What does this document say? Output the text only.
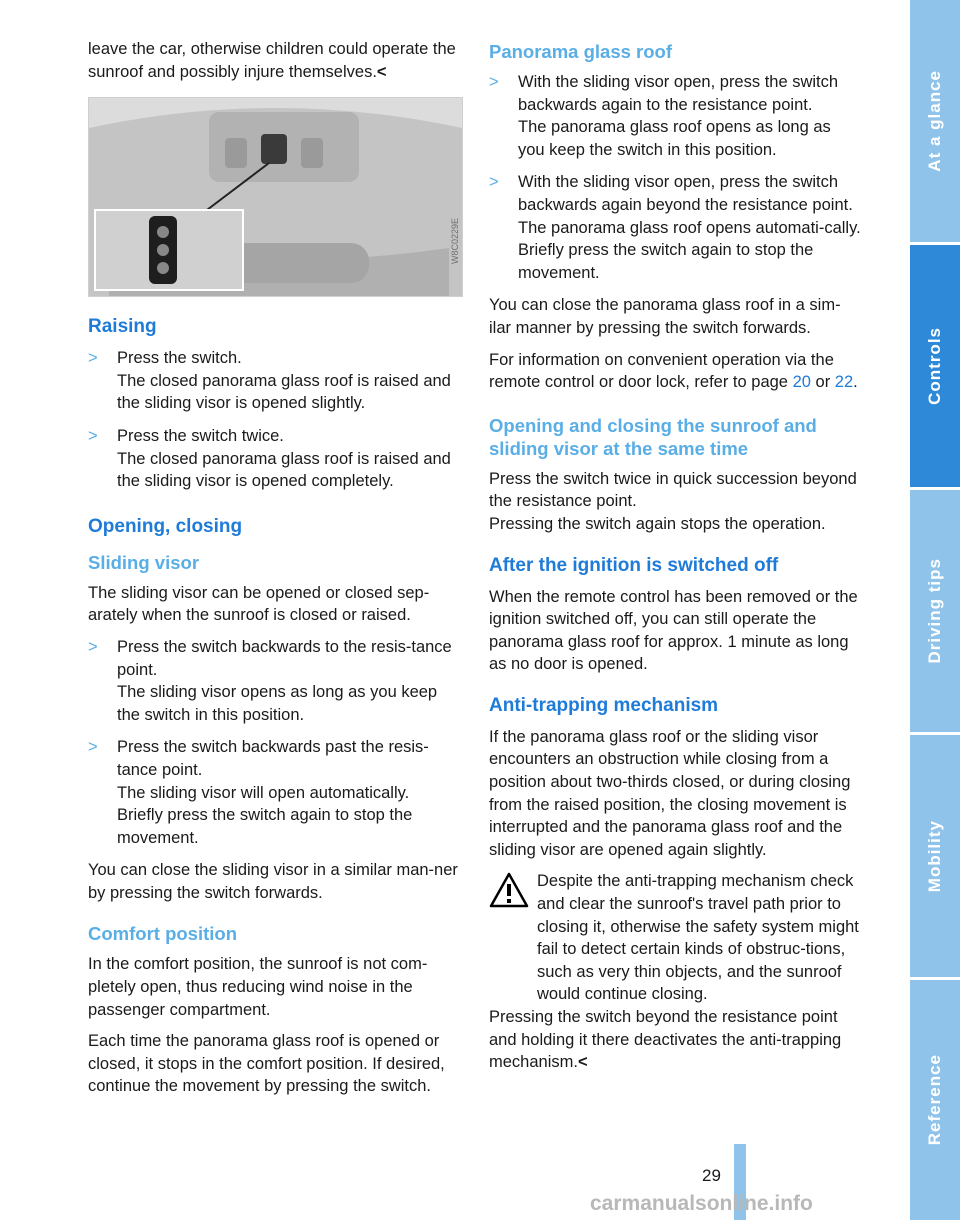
leave the car, otherwise children could operate the sunroof and possibly injure themselves.<

W8C0229E
Raising
> Press the switch.
The closed panorama glass roof is raised and the sliding visor is opened slightly.
> Press the switch twice.
The closed panorama glass roof is raised and the sliding visor is opened completely.
Opening, closing
Sliding visor

The sliding visor can be opened or closed sep-arately when the sunroof is closed or raised.

> Press the switch backwards to the resis-tance point.
The sliding visor opens as long as you keep the switch in this position.
> Press the switch backwards past the resis-tance point.
The sliding visor will open automatically.
Briefly press the switch again to stop the movement.

You can close the sliding visor in a similar man-ner by pressing the switch forwards.

Comfort position

In the comfort position, the sunroof is not com-pletely open, thus reducing wind noise in the passenger compartment.

Each time the panorama glass roof is opened or closed, it stops in the comfort position. If desired, continue the movement by pressing the switch.

Panorama glass roof
> With the sliding visor open, press the switch backwards again to the resistance point.
The panorama glass roof opens as long as you keep the switch in this position.
> With the sliding visor open, press the switch backwards again beyond the resistance point.
The panorama glass roof opens automati-cally. Briefly press the switch again to stop the movement.

You can close the panorama glass roof in a sim-ilar manner by pressing the switch forwards.

For information on convenient operation via the remote control or door lock, refer to page 20 or 22.

Opening and closing the sunroof and sliding visor at the same time

Press the switch twice in quick succession beyond the resistance point.
Pressing the switch again stops the operation.

After the ignition is switched off

When the remote control has been removed or the ignition switched off, you can still operate the panorama glass roof for approx. 1 minute as long as no door is opened.

Anti-trapping mechanism

If the panorama glass roof or the sliding visor encounters an obstruction while closing from a position about two-thirds closed, or during closing from the raised position, the closing movement is interrupted and the panorama glass roof and the sliding visor are opened again slightly.

Despite the anti-trapping mechanism check and clear the sunroof's travel path prior to closing it, otherwise the safety system might fail to detect certain kinds of obstruc-tions, such as very thin objects, and the sunroof would continue closing.

Pressing the switch beyond the resistance point and holding it there deactivates the anti-trapping mechanism.<

At a glance
Controls
Driving tips
Mobility
Reference
29
carmanualsonline.info
